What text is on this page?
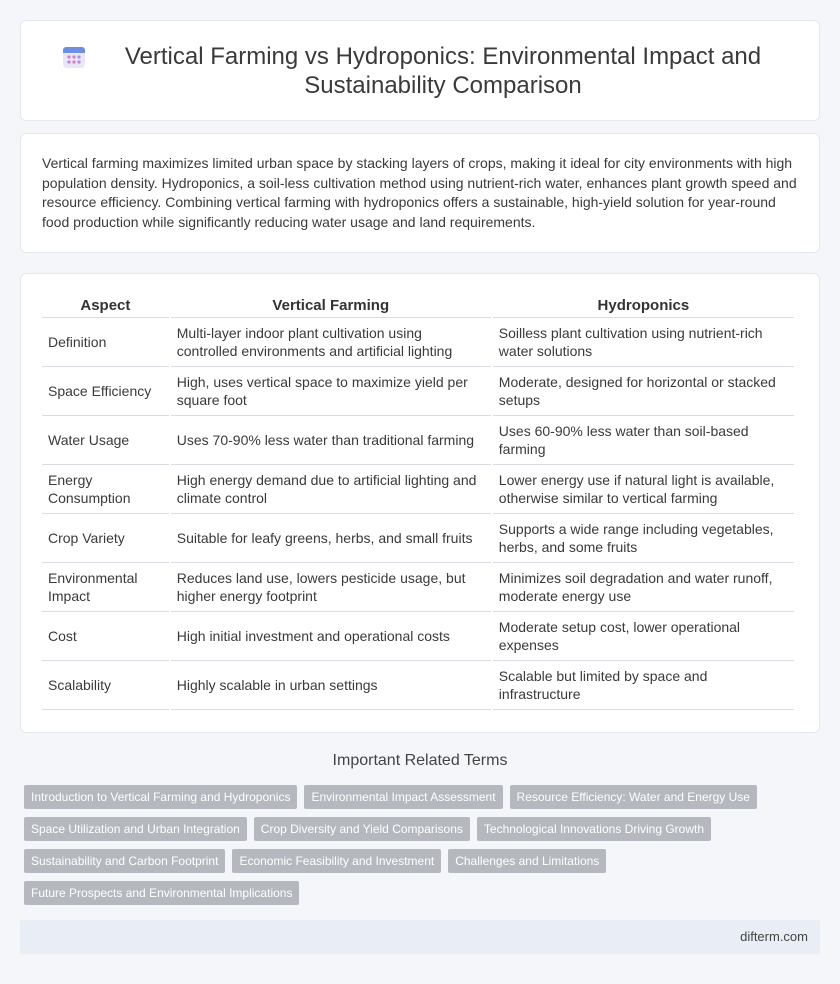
Vertical Farming vs Hydroponics: Environmental Impact and Sustainability Comparison

Vertical farming maximizes limited urban space by stacking layers of crops, making it ideal for city environments with high population density. Hydroponics, a soil-less cultivation method using nutrient-rich water, enhances plant growth speed and resource efficiency. Combining vertical farming with hydroponics offers a sustainable, high-yield solution for year-round food production while significantly reducing water usage and land requirements.

Aspect	Vertical Farming	Hydroponics
Definition	Multi-layer indoor plant cultivation using controlled environments and artificial lighting	Soilless plant cultivation using nutrient-rich water solutions
Space Efficiency	High, uses vertical space to maximize yield per square foot	Moderate, designed for horizontal or stacked setups
Water Usage	Uses 70-90% less water than traditional farming	Uses 60-90% less water than soil-based farming
Energy Consumption	High energy demand due to artificial lighting and climate control	Lower energy use if natural light is available, otherwise similar to vertical farming
Crop Variety	Suitable for leafy greens, herbs, and small fruits	Supports a wide range including vegetables, herbs, and some fruits
Environmental Impact	Reduces land use, lowers pesticide usage, but higher energy footprint	Minimizes soil degradation and water runoff, moderate energy use
Cost	High initial investment and operational costs	Moderate setup cost, lower operational expenses
Scalability	Highly scalable in urban settings	Scalable but limited by space and infrastructure
Important Related Terms
Introduction to Vertical Farming and Hydroponics	Environmental Impact Assessment	Resource Efficiency: Water and Energy Use
Space Utilization and Urban Integration	Crop Diversity and Yield Comparisons	Technological Innovations Driving Growth
Sustainability and Carbon Footprint	Economic Feasibility and Investment	Challenges and Limitations
Future Prospects and Environmental Implications
difterm.com
